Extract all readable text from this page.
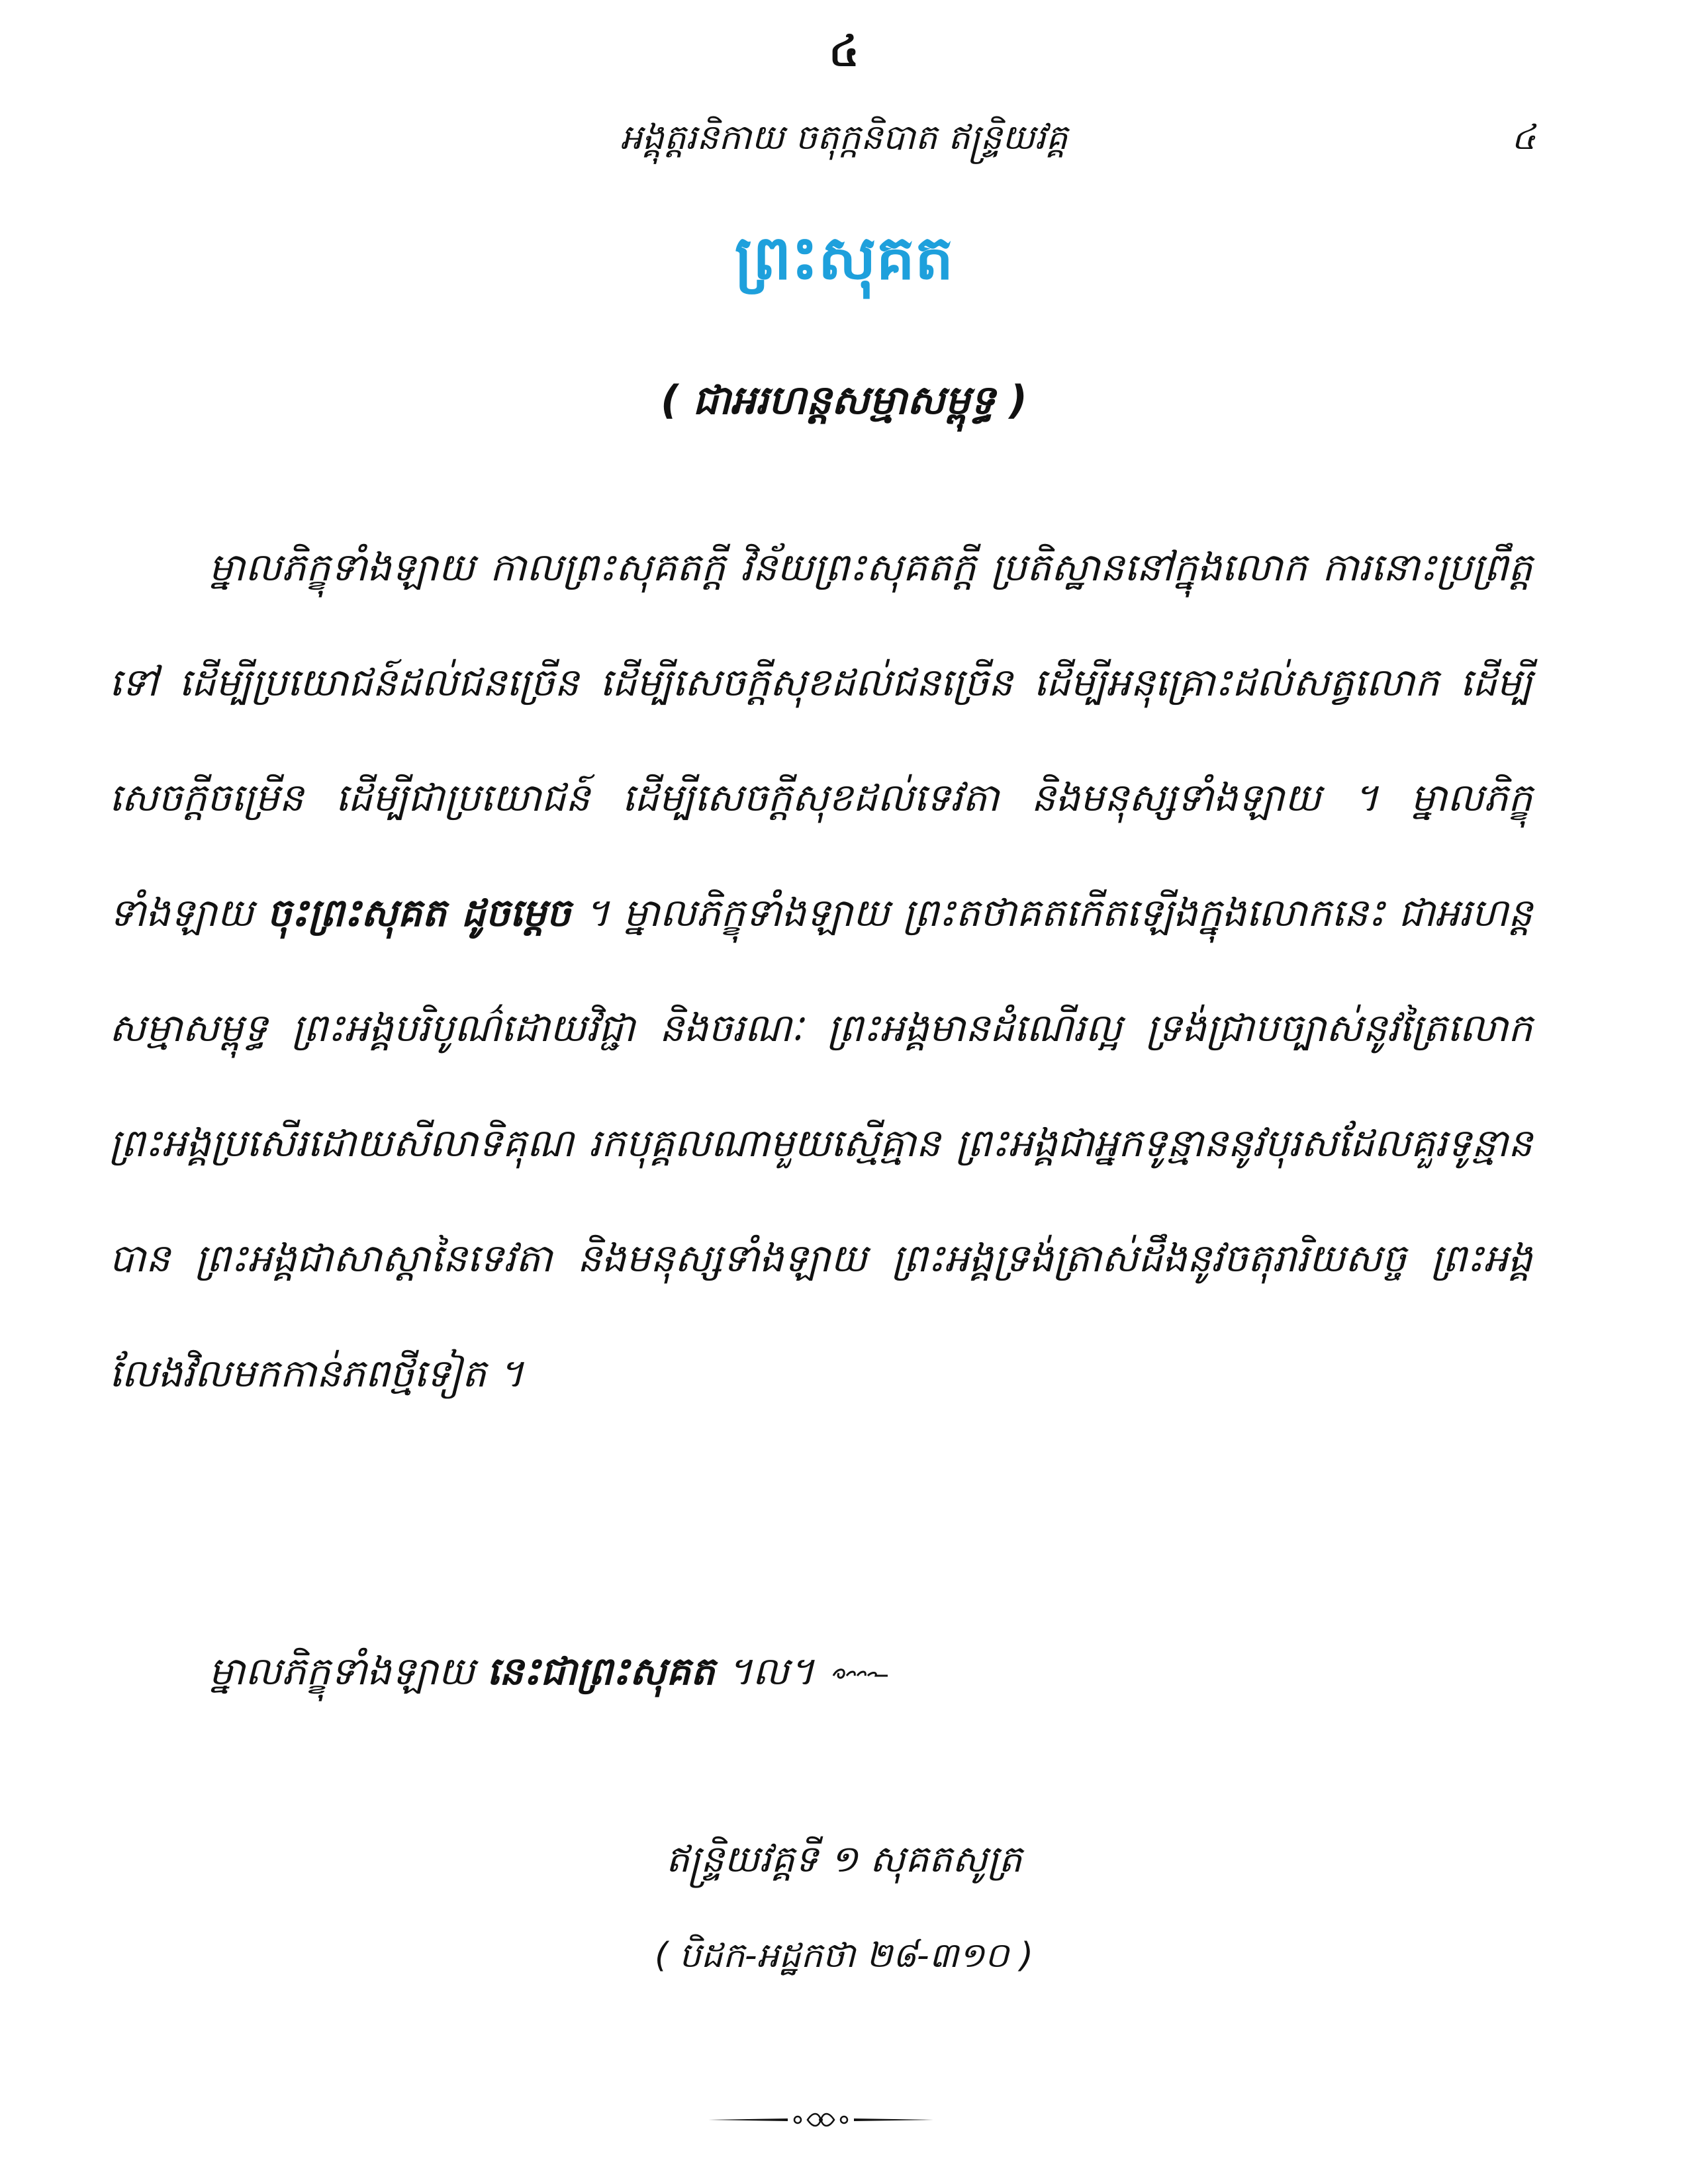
៤
អង្គុត្តរនិកាយ ចតុក្កនិបាត ឥន្ទ្រិយវគ្គ	៤
ព្រះសុគត
( ជាអរហន្តសម្មាសម្ពុទ្ធ )

ម្នាលភិក្ខុទាំងឡាយ កាលព្រះសុគតក្តី វិន័យព្រះសុគតក្តី ប្រតិស្ឋាននៅក្នុងលោក ការនោះប្រព្រឹត្តទៅ ដើម្បីប្រយោជន៍ដល់ជនច្រើន ដើម្បីសេចក្តីសុខដល់ជនច្រើន ដើម្បីអនុគ្រោះដល់សត្វលោក ដើម្បីសេចក្តីចម្រើន ដើម្បីជាប្រយោជន៍ ដើម្បីសេចក្តីសុខដល់ទេវតា និងមនុស្សទាំងឡាយ ។ ម្នាលភិក្ខុទាំងឡាយ ចុះព្រះសុគត ដូចម្តេច ។ ម្នាលភិក្ខុទាំងឡាយ ព្រះតថាគតកើតឡើងក្នុងលោកនេះ ជាអរហន្តសម្មាសម្ពុទ្ធ ព្រះអង្គបរិបូណ៌ដោយវិជ្ជា និងចរណៈ ព្រះអង្គមានដំណើរល្អ ទ្រង់ជ្រាបច្បាស់នូវត្រៃលោក ព្រះអង្គប្រសើរដោយសីលាទិគុណ រកបុគ្គលណាមួយស្មើគ្មាន ព្រះអង្គជាអ្នកទូន្មាននូវបុរសដែលគួរទូន្មានបាន ព្រះអង្គជាសាស្តានៃទេវតា និងមនុស្សទាំងឡាយ ព្រះអង្គទ្រង់ត្រាស់ដឹងនូវចតុរារិយសច្ច ព្រះអង្គលែងវិលមកកាន់ភពថ្មីទៀត ។

ម្នាលភិក្ខុទាំងឡាយ នេះជាព្រះសុគត ។ល។
ឥន្ទ្រិយវគ្គទី ១ សុគតសូត្រ
( បិដក-អដ្ឋកថា ២៨-៣១០ )
